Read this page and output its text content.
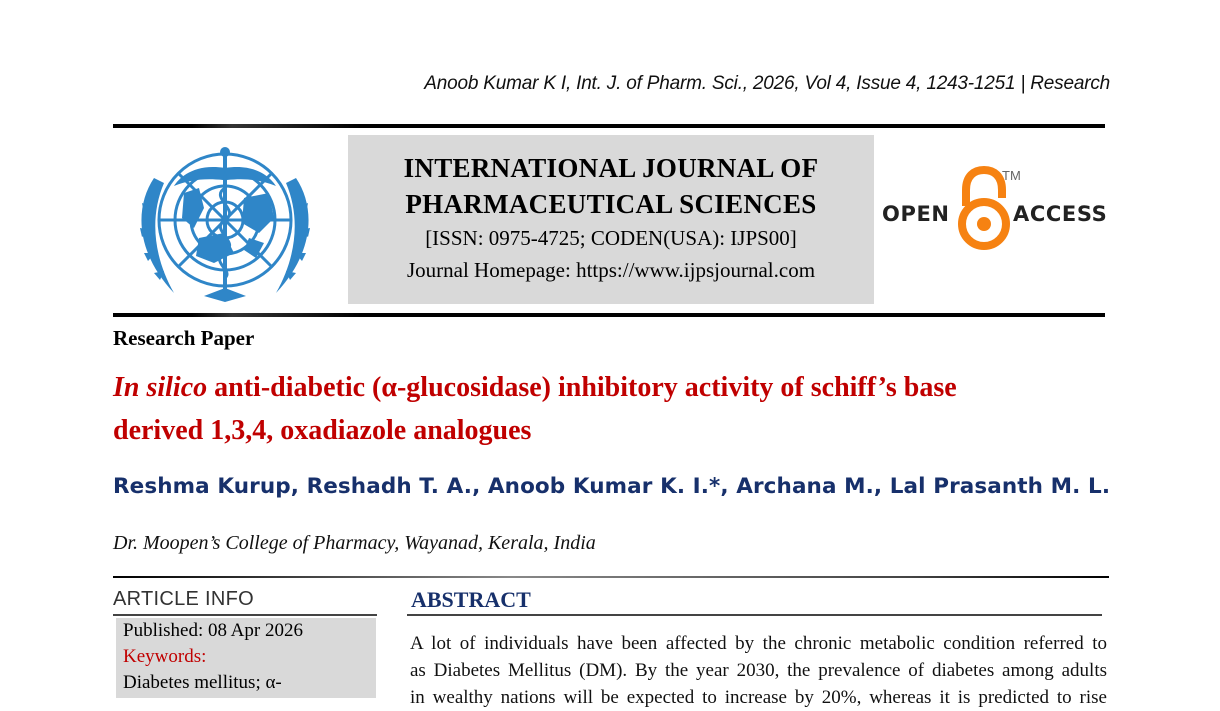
Anoob Kumar K I, Int. J. of Pharm. Sci., 2026, Vol 4, Issue 4, 1243-1251 | Research
INTERNATIONAL JOURNAL OF
PHARMACEUTICAL SCIENCES
[ISSN: 0975-4725; CODEN(USA): IJPS00]
Journal Homepage: https://www.ijpsjournal.com
OPEN
TM
ACCESS
Research Paper
In silico anti-diabetic (α-glucosidase) inhibitory activity of schiff’s base
derived 1,3,4, oxadiazole analogues
Reshma Kurup, Reshadh T. A., Anoob Kumar K. I.*, Archana M., Lal Prasanth M. L.
Dr. Moopen’s College of Pharmacy, Wayanad, Kerala, India
ARTICLE INFO
Published: 08 Apr 2026
Keywords:
Diabetes mellitus; α-
ABSTRACT
A lot of individuals have been affected by the chronic metabolic condition referred to
as Diabetes Mellitus (DM). By the year 2030, the prevalence of diabetes among adults
in wealthy nations will be expected to increase by 20%, whereas it is predicted to rise
